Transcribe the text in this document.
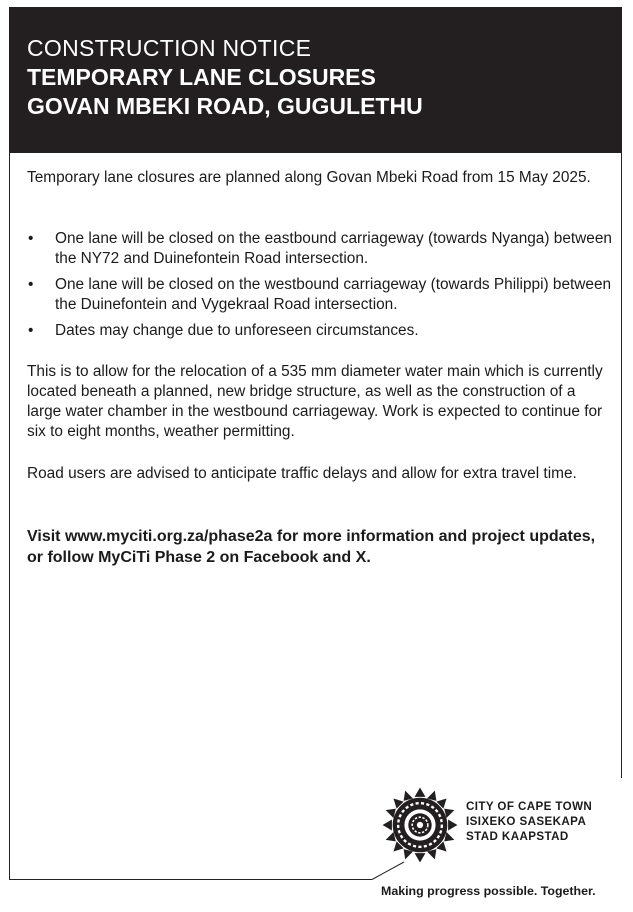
CONSTRUCTION NOTICE
TEMPORARY LANE CLOSURES
GOVAN MBEKI ROAD, GUGULETHU
Temporary lane closures are planned along Govan Mbeki Road from 15 May 2025.
• One lane will be closed on the eastbound carriageway (towards Nyanga) between the NY72 and Duinefontein Road intersection.
• One lane will be closed on the westbound carriageway (towards Philippi) between the Duinefontein and Vygekraal Road intersection.
• Dates may change due to unforeseen circumstances.
This is to allow for the relocation of a 535 mm diameter water main which is currently located beneath a planned, new bridge structure, as well as the construction of a large water chamber in the westbound carriageway. Work is expected to continue for six to eight months, weather permitting.
Road users are advised to anticipate traffic delays and allow for extra travel time.
Visit www.myciti.org.za/phase2a for more information and project updates, or follow MyCiTi Phase 2 on Facebook and X.
CITY OF CAPE TOWN
ISIXEKO SASEKAPA
STAD KAAPSTAD
Making progress possible. Together.
